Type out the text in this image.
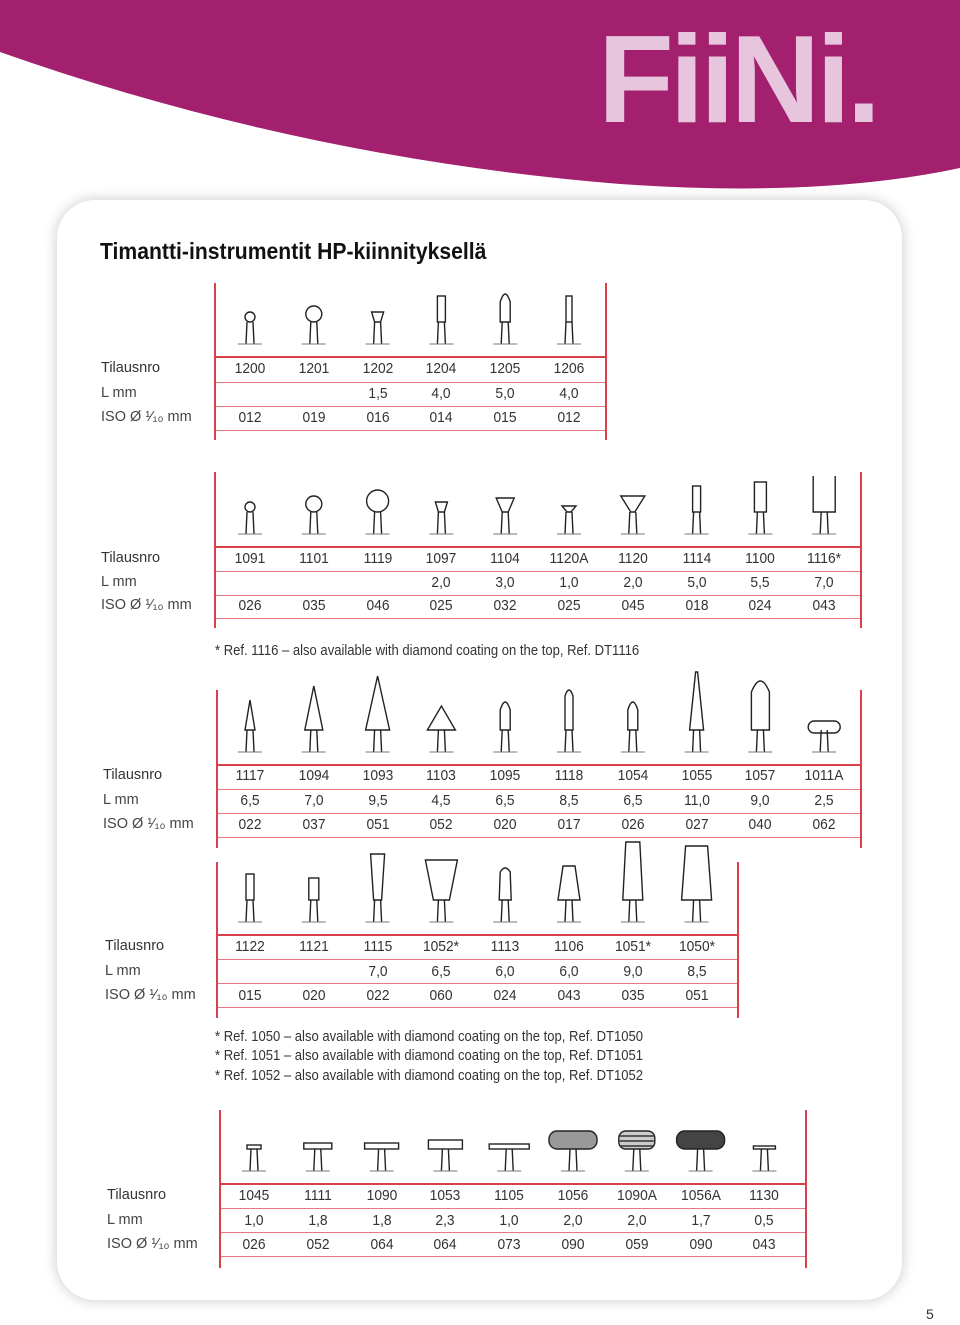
FiiNi.
Timantti-instrumentit HP-kiinnityksellä
Tilausnro
L mm
ISO Ø ¹⁄₁₀ mm
1200
012
1201
019
1202
1,5
016
1204
4,0
014
1205
5,0
015
1206
4,0
012
Tilausnro
L mm
ISO Ø ¹⁄₁₀ mm
1091
026
1101
035
1119
046
1097
2,0
025
1104
3,0
032
1120A
1,0
025
1120
2,0
045
1114
5,0
018
1100
5,5
024
1116*
7,0
043
* Ref. 1116 – also available with diamond coating on the top, Ref. DT1116
Tilausnro
L mm
ISO Ø ¹⁄₁₀ mm
1117
6,5
022
1094
7,0
037
1093
9,5
051
1103
4,5
052
1095
6,5
020
1118
8,5
017
1054
6,5
026
1055
11,0
027
1057
9,0
040
1011A
2,5
062
Tilausnro
L mm
ISO Ø ¹⁄₁₀ mm
1122
015
1121
020
1115
7,0
022
1052*
6,5
060
1113
6,0
024
1106
6,0
043
1051*
9,0
035
1050*
8,5
051
* Ref. 1050 – also available with diamond coating on the top, Ref. DT1050
* Ref. 1051 – also available with diamond coating on the top, Ref. DT1051
* Ref. 1052 – also available with diamond coating on the top, Ref. DT1052
Tilausnro
L mm
ISO Ø ¹⁄₁₀ mm
1045
1,0
026
1111
1,8
052
1090
1,8
064
1053
2,3
064
1105
1,0
073
1056
2,0
090
1090A
2,0
059
1056A
1,7
090
1130
0,5
043
5
